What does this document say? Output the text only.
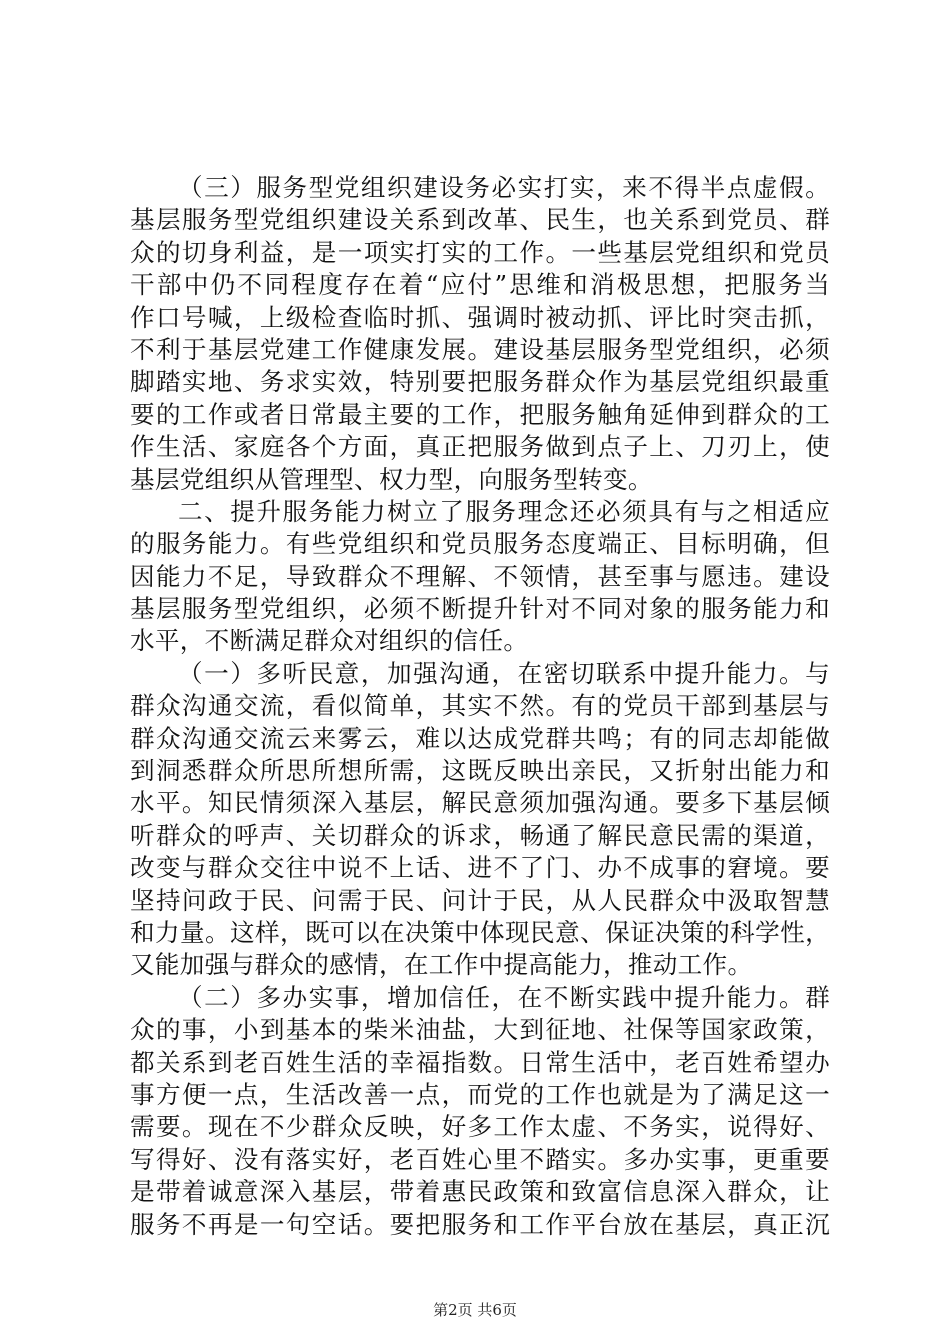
（三）服务型党组织建设务必实打实，来不得半点虚假。
基层服务型党组织建设关系到改革、民生，也关系到党员、群
众的切身利益，是一项实打实的工作。一些基层党组织和党员
干部中仍不同程度存在着“应付”思维和消极思想，把服务当
作口号喊，上级检查临时抓、强调时被动抓、评比时突击抓，
不利于基层党建工作健康发展。建设基层服务型党组织，必须
脚踏实地、务求实效，特别要把服务群众作为基层党组织最重
要的工作或者日常最主要的工作，把服务触角延伸到群众的工
作生活、家庭各个方面，真正把服务做到点子上、刀刃上，使
基层党组织从管理型、权力型，向服务型转变。
二、提升服务能力树立了服务理念还必须具有与之相适应
的服务能力。有些党组织和党员服务态度端正、目标明确，但
因能力不足，导致群众不理解、不领情，甚至事与愿违。建设
基层服务型党组织，必须不断提升针对不同对象的服务能力和
水平，不断满足群众对组织的信任。
（一）多听民意，加强沟通，在密切联系中提升能力。与
群众沟通交流，看似简单，其实不然。有的党员干部到基层与
群众沟通交流云来雾云，难以达成党群共鸣；有的同志却能做
到洞悉群众所思所想所需，这既反映出亲民，又折射出能力和
水平。知民情须深入基层，解民意须加强沟通。要多下基层倾
听群众的呼声、关切群众的诉求，畅通了解民意民需的渠道，
改变与群众交往中说不上话、进不了门、办不成事的窘境。要
坚持问政于民、问需于民、问计于民，从人民群众中汲取智慧
和力量。这样，既可以在决策中体现民意、保证决策的科学性，
又能加强与群众的感情，在工作中提高能力，推动工作。
（二）多办实事，增加信任，在不断实践中提升能力。群
众的事，小到基本的柴米油盐，大到征地、社保等国家政策，
都关系到老百姓生活的幸福指数。日常生活中，老百姓希望办
事方便一点，生活改善一点，而党的工作也就是为了满足这一
需要。现在不少群众反映，好多工作太虚、不务实，说得好、
写得好、没有落实好，老百姓心里不踏实。多办实事，更重要
是带着诚意深入基层，带着惠民政策和致富信息深入群众，让
服务不再是一句空话。要把服务和工作平台放在基层，真正沉
第2页 共6页
